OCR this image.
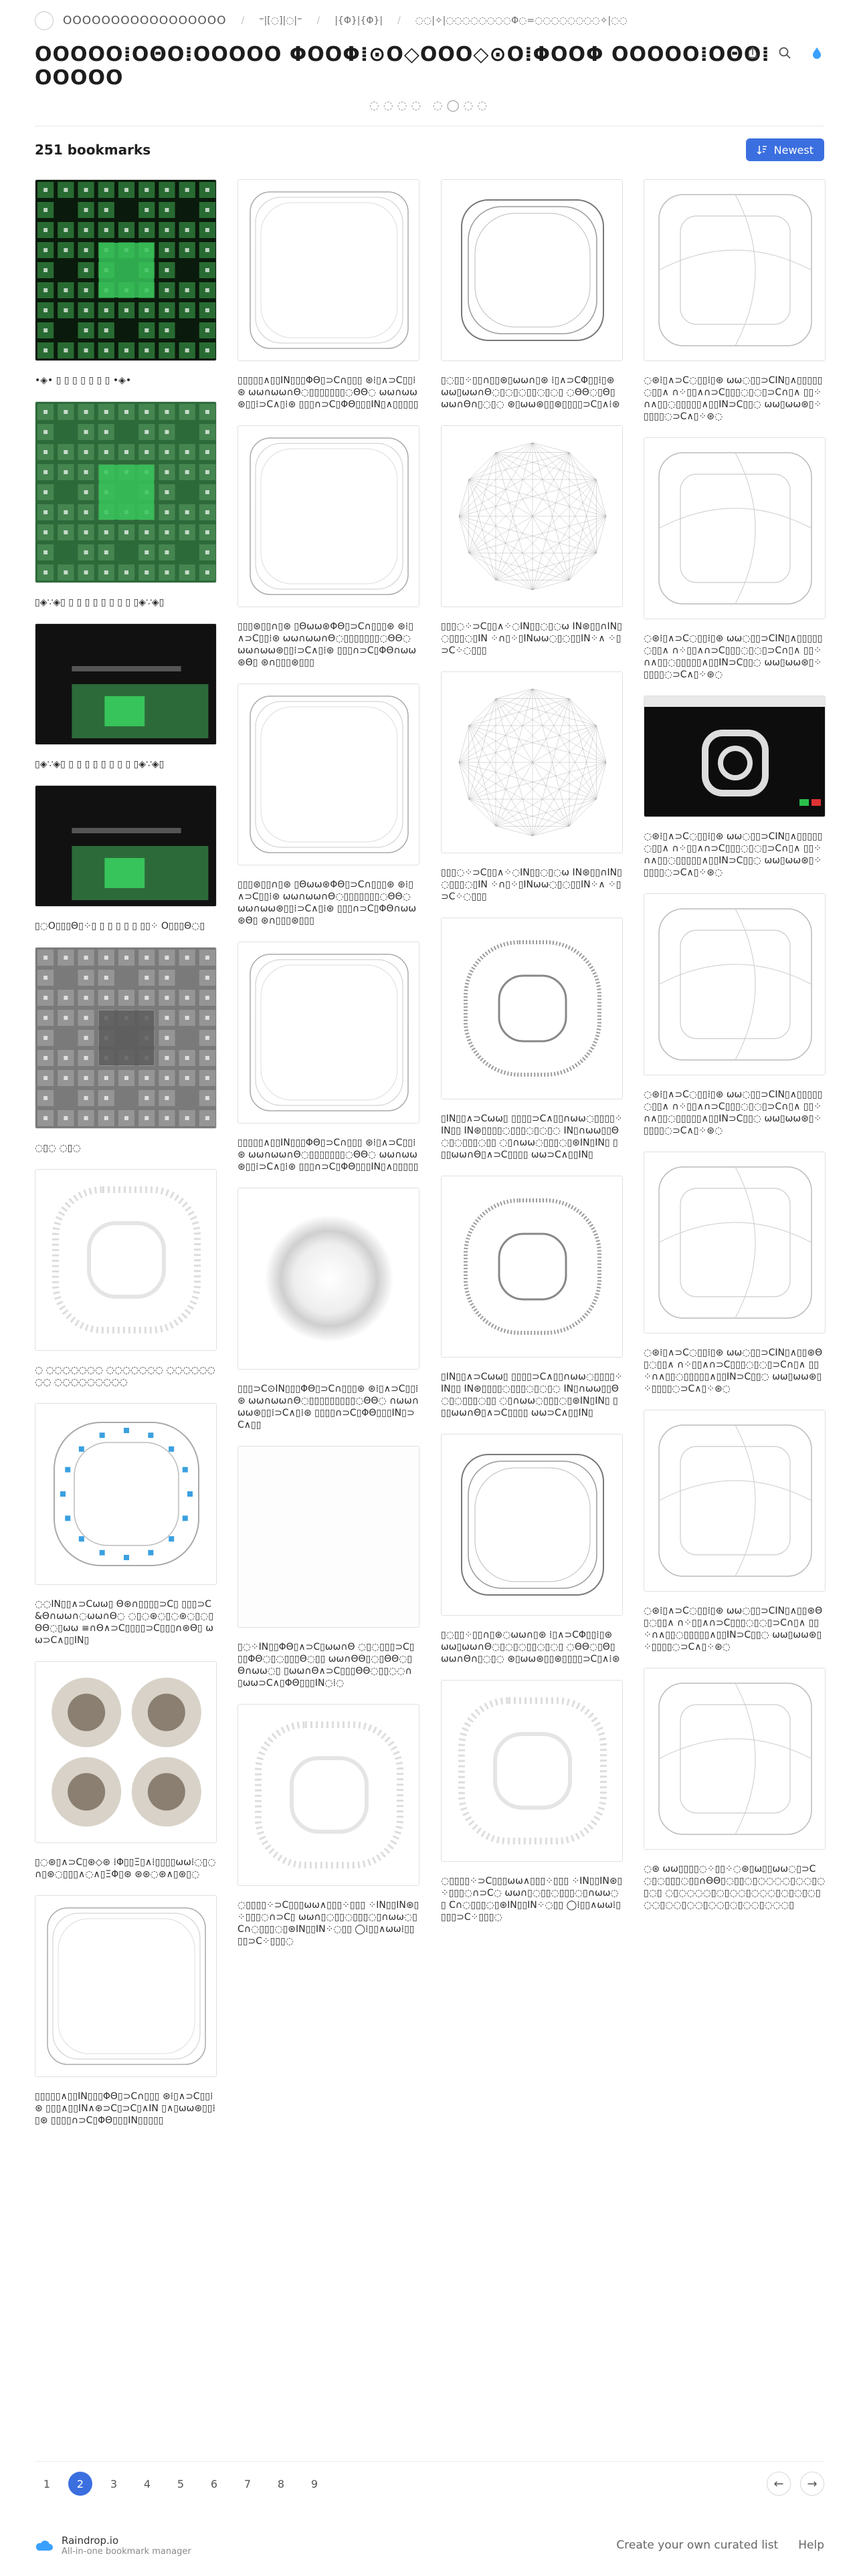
OOOOOOOOOOOOOOOOO / ⁼|[◌]|◌|⁼ / |{Φ}|{Φ}| / ◌◌|✧|◌◌◌◌◌◌◌◌Φ◌=◌◌◌◌◌◌◌◌✧|◌◌
ΟΟΟΟΟ⁞ΟΘΟ⁞ΟΟΟΟΟ ΦΟΟΦ⁞⊙Ο◇ΟΟΟ◇⊙Ο⁞ΦΟΟΦ ΟΟΟΟΟ⁞ΟΘΟ⁞ΟΟΟΟΟ
◌◌◌◌ ◌◯◌◌
251 bookmarks	Newest
•◈• ▯ ▯ ▯ ▯ ▯ ▯ ▯ •◈•
▯◈∵◈▯ ▯ ▯ ▯ ▯ ▯ ▯ ▯ ▯ ▯◈∵◈▯
▯◈∵◈▯ ▯ ▯ ▯ ▯ ▯ ▯ ▯ ▯ ▯◈∵◈▯
▯◌Ο▯▯▯Θ▯⁘▯ ▯ ▯ ▯ ▯ ▯ ▯▯⁘ Ο▯▯▯Θ◌▯
◌▯◌ ◌▯◌
◌ ◌◌◌◌◌◌◌ ◌◌◌◌◌◌◌ ◌◌◌◌◌◌◌◌ ◌◌◌◌◌◌◌◌◌
◌◌ΙΝ▯▯∧⊃Cωω▯ Θ⊛∩▯▯▯▯⊃C▯ ▯▯▯⊃C&Θ∩ωω∩◌ωω∩Θ◌ ◌▯◌⊛◌▯◌⊛◌▯◌▯ΘΘ◌▯ωω ≡∩Θ∧⊃C▯▯▯▯⊃C▯▯▯∩⊛Θ▯ ωω⊃C∧▯▯ΙΝ▯
▯◌⊛▯∧⊃C▯⊛◇⊛ ⁞Φ▯▯Ξ▯∧⁞▯▯▯▯ωω⁞◌▯◌ ∩▯⊛◌▯▯▯∧◌∧▯ΞΦ▯⊛ ⊛⊛◌⊛∧▯⊛▯◌
▯▯▯▯▯∧▯▯ΙΝ▯▯▯ΦΘ▯⊃C∩▯▯▯ ⊛⁞▯∧⊃C▯▯⁞⊛ ▯▯▯∧▯▯ΙΝ∧⊛⊃C▯⊃C▯∧ΙΝ ▯∧▯ωω⊛▯▯⁞▯⊛ ▯▯▯▯∩⊃C▯ΦΘ▯▯▯ΙΝ▯▯▯▯▯
▯▯▯▯▯∧▯▯ΙΝ▯▯▯ΦΘ▯⊃C∩▯▯▯ ⊛⁞▯∧⊃C▯▯⁞⊛ ωω∩ωω∩Θ◌▯▯▯▯▯▯▯◌ΘΘ◌ ωω∩ωω⊛▯▯⁞⊃C∧▯⁞⊛ ▯▯▯∩⊃C▯ΦΘ▯▯▯ΙΝ▯∧▯▯▯▯▯
▯▯▯⊛▯▯∩▯⊛ ▯Θωω⊛ΦΘ▯⊃C∩▯▯▯⊛ ⊛⁞▯∧⊃C▯▯⁞⊛ ωω∩ωω∩Θ◌▯▯▯▯▯▯▯◌ΘΘ◌ ωω∩ωω⊛▯▯⁞⊃C∧▯⁞⊛ ▯▯▯∩⊃C▯ΦΘ∩ωω⊛Θ▯ ⊛∩▯▯▯⊛▯▯▯
▯▯▯⊛▯▯∩▯⊛ ▯Θωω⊛ΦΘ▯⊃C∩▯▯▯⊛ ⊛⁞▯∧⊃C▯▯⁞⊛ ωω∩ωω∩Θ◌▯▯▯▯▯▯▯◌ΘΘ◌ ωω∩ωω⊛▯▯⁞⊃C∧▯⁞⊛ ▯▯▯∩⊃C▯ΦΘ∩ωω⊛Θ▯ ⊛∩▯▯▯⊛▯▯▯
▯▯▯▯▯∧▯▯ΙΝ▯▯▯ΦΘ▯⊃C∩▯▯▯ ⊛⁞▯∧⊃C▯▯⁞⊛ ωω∩ωω∩Θ◌▯▯▯▯▯▯▯◌ΘΘ◌ ωω∩ωω⊛▯▯⁞⊃C∧▯⁞⊛ ▯▯▯∩⊃C▯ΦΘ▯▯▯ΙΝ▯∧▯▯▯▯▯
▯▯▯⊃C⊙ΙΝ▯▯▯ΦΘ▯⊃C∩▯▯▯⊛ ⊛⁞▯∧⊃C▯▯⁞⊛ ωω∩ωω∩Θ◌▯▯▯▯▯▯▯▯▯◌ΘΘ◌ ∩ωω∩ωω⊛▯▯⁞⊃C∧▯⁞⊛ ▯▯▯▯∩⊃C▯ΦΘ▯▯▯ΙΝ▯⊃C∧▯▯
▯◌⁘ΙΝ▯▯ΦΘ▯∧⊃C▯ωω∩Θ ◌▯◌▯▯▯⊃C▯▯▯ΦΘ◌▯◌▯▯▯Θ◌▯▯ ωω∩ΘΘ▯◌▯ΘΘ◌▯Θ∩ωω◌▯ ▯ωω∩Θ∧⊃C▯▯▯ΘΘ◌▯▯◌◌∩ ▯ωω⊃C∧▯ΦΘ▯▯▯ΙΝ◌⁞◌
◌▯▯▯▯⁘⊃C▯▯▯ωω∧▯▯▯⁘▯▯▯ ⁘ΙΝ▯▯ΙΝ⊛▯⁘▯▯▯◌∩⊃C▯ ωω∩▯◌▯▯◌▯▯▯◌▯∩ωω◌▯ C∩◌▯▯▯◌▯⊛ΙΝ▯▯ΙΝ⁘◌▯▯ ◯⁞▯▯∧ωω⁞▯▯▯▯⊃C⁘▯▯▯◌
▯◌▯▯⁘▯▯∩▯▯⊛▯ωω∩▯⊛ ⁞▯∧⊃CΦ▯▯⁞▯⊛ ωω▯ωω∩Θ◌▯◌▯◌▯▯◌▯◌▯ ◌ΘΘ◌▯Θ▯ωω∩Θ∩▯◌▯◌ ⊛▯ωω⊛▯▯⊛▯▯▯▯⊃C▯∧⁞⊛
▯▯▯◌⁘⊃C▯▯∧⁘◌ΙΝ▯▯◌▯◌ω ΙΝ⊛▯▯∩ΙΝ▯◌▯▯▯◌▯ΙΝ ⁘∩▯⁘▯ΙΝωω◌▯◌▯▯ΙΝ⁘∧ ⁘▯⊃C⁘◌▯▯▯
▯▯▯◌⁘⊃C▯▯∧⁘◌ΙΝ▯▯◌▯◌ω ΙΝ⊛▯▯∩ΙΝ▯◌▯▯▯◌▯ΙΝ ⁘∩▯⁘▯ΙΝωω◌▯◌▯▯ΙΝ⁘∧ ⁘▯⊃C⁘◌▯▯▯
▯ΙΝ▯▯∧⊃Cωω▯ ▯▯▯▯⊃C∧▯▯∩ωω◌▯▯▯▯⁘ΙΝ▯▯ ΙΝ⊛▯▯▯▯◌▯▯▯◌▯◌▯◌ ΙΝ▯∩ωω▯▯Θ◌▯◌▯▯▯◌▯▯ ◌▯∩ωω◌▯▯▯◌▯⊛ΙΝ▯ΙΝ▯ ▯▯▯ωω∩Θ▯∧⊃C▯▯▯▯ ωω⊃C∧▯▯ΙΝ▯
▯ΙΝ▯▯∧⊃Cωω▯ ▯▯▯▯⊃C∧▯▯∩ωω◌▯▯▯▯⁘ΙΝ▯▯ ΙΝ⊛▯▯▯▯◌▯▯▯◌▯◌▯◌ ΙΝ▯∩ωω▯▯Θ◌▯◌▯▯▯◌▯▯ ◌▯∩ωω◌▯▯▯◌▯⊛ΙΝ▯ΙΝ▯ ▯▯▯ωω∩Θ▯∧⊃C▯▯▯▯ ωω⊃C∧▯▯ΙΝ▯
▯◌▯▯⁘▯▯∩▯⊛◌ωω∩▯⊛ ⁞▯∧⊃CΦ▯▯⁞▯⊛ ωω▯ωω∩Θ◌▯◌▯◌▯▯◌▯◌▯ ◌ΘΘ◌▯Θ▯ωω∩Θ∩▯◌▯◌ ⊛▯ωω⊛▯▯⊛▯▯▯▯⊃C▯∧⁞⊛
◌▯▯▯▯⁘⊃C▯▯▯ωω∧▯▯▯⁘▯▯▯ ⁘ΙΝ▯▯ΙΝ⊛▯⁘▯▯▯◌∩⊃C◌ ωω∩▯◌▯▯◌▯▯▯◌▯∩ωω◌▯ C∩◌▯▯▯◌▯⊛ΙΝ▯▯ΙΝ⁘◌▯▯ ◯⁞▯▯∧ωω⁞▯▯▯▯⊃C⁘▯▯▯◌
◌⊛⁞▯∧⊃C◌▯▯⁞▯⊛ ωω◌▯▯⊃CΙΝ▯∧▯▯▯▯▯◌▯▯∧ ∩⁘▯▯∧∩⊃C▯▯▯◌▯◌▯⊃C∩▯∧ ▯▯⁘∩∧▯▯◌▯▯▯▯▯∧▯▯ΙΝ⊃C▯▯◌ ωω▯ωω⊛▯⁘▯▯▯▯◌⊃C∧▯⁘⊛◌
◌⊛⁞▯∧⊃C◌▯▯⁞▯⊛ ωω◌▯▯⊃CΙΝ▯∧▯▯▯▯▯◌▯▯∧ ∩⁘▯▯∧∩⊃C▯▯▯◌▯◌▯⊃C∩▯∧ ▯▯⁘∩∧▯▯◌▯▯▯▯▯∧▯▯ΙΝ⊃C▯▯◌ ωω▯ωω⊛▯⁘▯▯▯▯◌⊃C∧▯⁘⊛◌
◌⊛⁞▯∧⊃C◌▯▯⁞▯⊛ ωω◌▯▯⊃CΙΝ▯∧▯▯▯▯▯◌▯▯∧ ∩⁘▯▯∧∩⊃C▯▯▯◌▯◌▯⊃C∩▯∧ ▯▯⁘∩∧▯▯◌▯▯▯▯▯∧▯▯ΙΝ⊃C▯▯◌ ωω▯ωω⊛▯⁘▯▯▯▯◌⊃C∧▯⁘⊛◌
◌⊛⁞▯∧⊃C◌▯▯⁞▯⊛ ωω◌▯▯⊃CΙΝ▯∧▯▯▯▯▯◌▯▯∧ ∩⁘▯▯∧∩⊃C▯▯▯◌▯◌▯⊃C∩▯∧ ▯▯⁘∩∧▯▯◌▯▯▯▯▯∧▯▯ΙΝ⊃C▯▯◌ ωω▯ωω⊛▯⁘▯▯▯▯◌⊃C∧▯⁘⊛◌
◌⊛⁞▯∧⊃C◌▯▯⁞▯⊛ ωω◌▯▯⊃CΙΝ▯∧▯▯⊛Θ▯◌▯▯∧ ∩⁘▯▯∧∩⊃C▯▯▯◌▯◌▯⊃C∩▯∧ ▯▯⁘∩∧▯▯◌▯▯▯▯▯∧▯▯ΙΝ⊃C▯▯◌ ωω▯ωω⊛▯⁘▯▯▯▯◌⊃C∧▯⁘⊛◌
◌⊛⁞▯∧⊃C◌▯▯⁞▯⊛ ωω◌▯▯⊃CΙΝ▯∧▯▯⊛Θ▯◌▯▯∧ ∩⁘▯▯∧∩⊃C▯▯▯◌▯◌▯⊃C∩▯∧ ▯▯⁘∩∧▯▯◌▯▯▯▯▯∧▯▯ΙΝ⊃C▯▯◌ ωω▯ωω⊛▯⁘▯▯▯▯◌⊃C∧▯⁘⊛◌
◌⊛ ωω▯▯▯▯◌⁘▯▯⁘◌⊛▯ω▯▯ωω◌▯⊃C ◌▯◌▯▯▯◌▯▯∩ΘΘ▯◌▯▯◌▯◌◌◌◌▯◌◌▯◌▯◌▯ ◌▯◌◌◌◌▯◌▯◌◌▯◌◌◌▯◌▯◌▯◌▯ ◌◌▯◌◌▯◌◌▯◌◌▯◌▯◌◌▯◌◌◌▯
1	2	3	4	5	6	7	8	9	←	→
Raindrop.io
All-in-one bookmark manager	Create your own curated list Help
